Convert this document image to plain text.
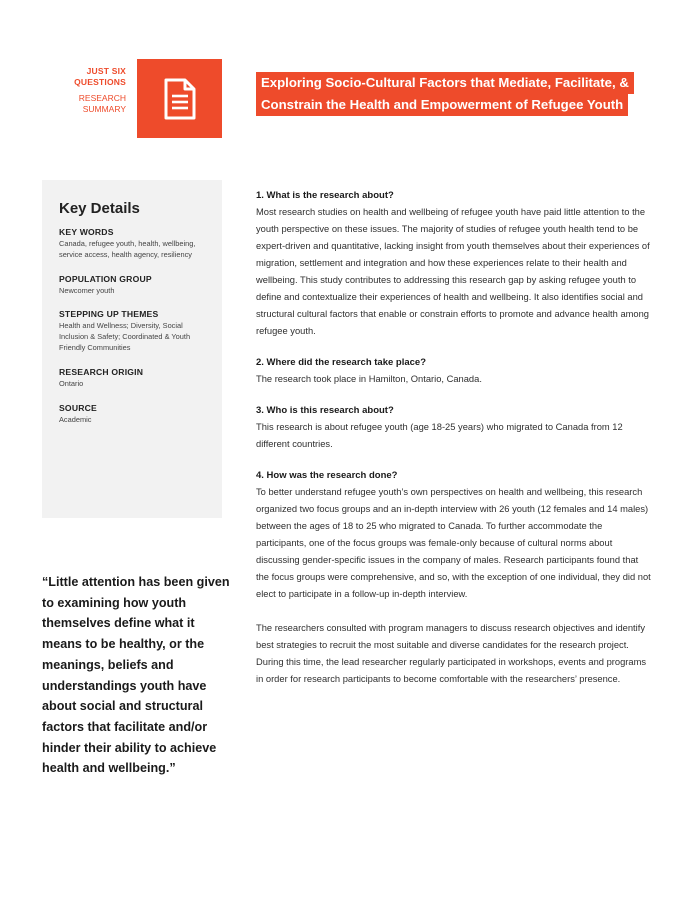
JUST SIX
QUESTIONS
RESEARCH
SUMMARY
Exploring Socio-Cultural Factors that Mediate, Facilitate, &
Constrain the Health and Empowerment of Refugee Youth
Key Details
KEY WORDS
Canada, refugee youth, health, wellbeing, service access, health agency, resiliency
POPULATION GROUP
Newcomer youth
STEPPING UP THEMES
Health and Wellness; Diversity, Social Inclusion & Safety; Coordinated & Youth Friendly Communities
RESEARCH ORIGIN
Ontario
SOURCE
Academic
“Little attention has been given to examining how youth themselves define what it means to be healthy, or the meanings, beliefs and understandings youth have about social and structural factors that facilitate and/or hinder their ability to achieve health and wellbeing.”
1. What is the research about?

Most research studies on health and wellbeing of refugee youth have paid little attention to the youth perspective on these issues. The majority of studies of refugee youth health tend to be expert-driven and quantitative, lacking insight from youth themselves about their experiences of migration, settlement and integration and how these experiences relate to their health and wellbeing. This study contributes to addressing this research gap by asking refugee youth to define and contextualize their experiences of health and wellbeing. It also identifies social and structural cultural factors that enable or constrain efforts to promote and advance health among refugee youth.

2. Where did the research take place?

The research took place in Hamilton, Ontario, Canada.

3. Who is this research about?

This research is about refugee youth (age 18-25 years) who migrated to Canada from 12 different countries.

4. How was the research done?

To better understand refugee youth’s own perspectives on health and wellbeing, this research organized two focus groups and an in-depth interview with 26 youth (12 females and 14 males) between the ages of 18 to 25 who migrated to Canada. To further accommodate the participants, one of the focus groups was female-only because of cultural norms about discussing gender-specific issues in the company of males. Research participants found that the focus groups were comprehensive, and so, with the exception of one individual, they did not elect to participate in a follow-up in-depth interview.

The researchers consulted with program managers to discuss research objectives and identify best strategies to recruit the most suitable and diverse candidates for the research project. During this time, the lead researcher regularly participated in workshops, events and programs in order for research participants to become comfortable with the researchers’ presence.
